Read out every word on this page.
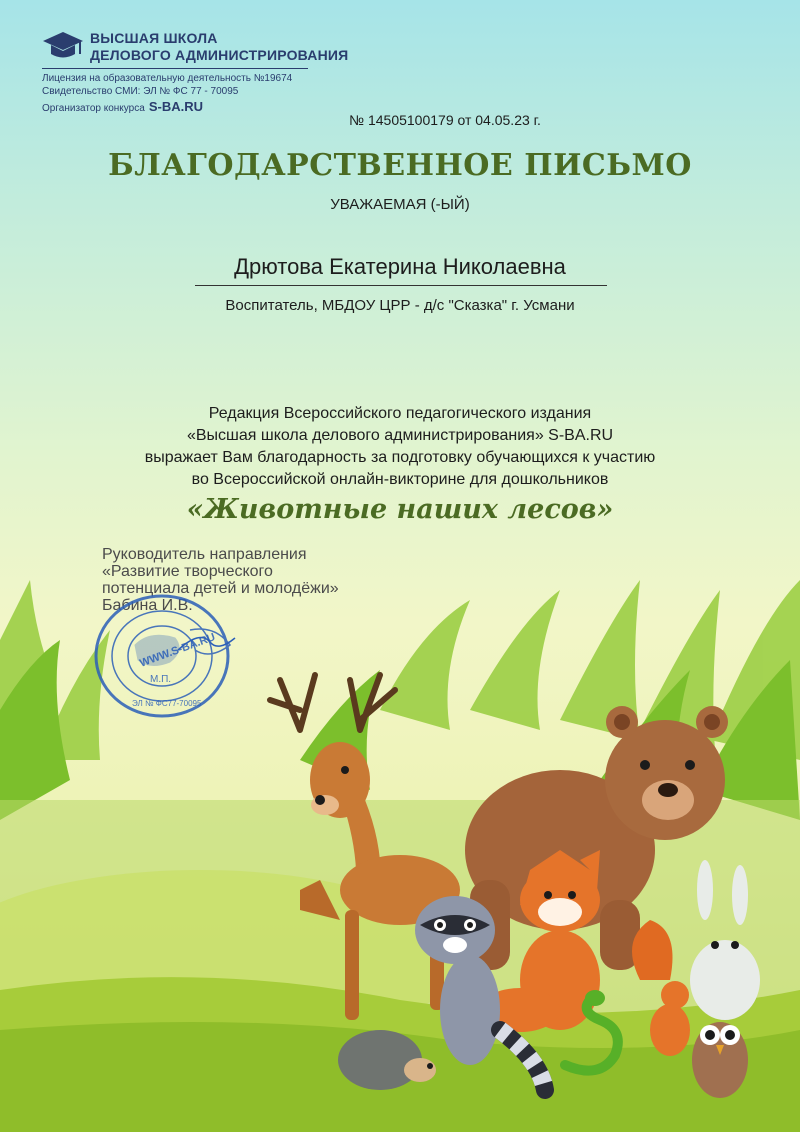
ВЫСШАЯ ШКОЛА
ДЕЛОВОГО АДМИНИСТРИРОВАНИЯ
Лицензия на образовательную деятельность №19674
Свидетельство СМИ: ЭЛ № ФС 77 - 70095
Организатор конкурса S-BA.RU
№ 14505100179 от 04.05.23 г.
БЛАГОДАРСТВЕННОЕ ПИСЬМО
УВАЖАЕМАЯ (-ЫЙ)
Дрютова Екатерина Николаевна
Воспитатель, МБДОУ ЦРР - д/с "Сказка" г. Усмани
Редакция Всероссийского педагогического издания
«Высшая школа делового администрирования» S-BA.RU
выражает Вам благодарность за подготовку обучающихся к участию
во Всероссийской онлайн-викторине для дошкольников
«Животные наших лесов»
Руководитель направления
«Развитие творческого
потенциала детей и молодёжи»
Бабина И.В.
WWW.S-BA.RU
М.П.
ЭЛ № ФС77-70095
